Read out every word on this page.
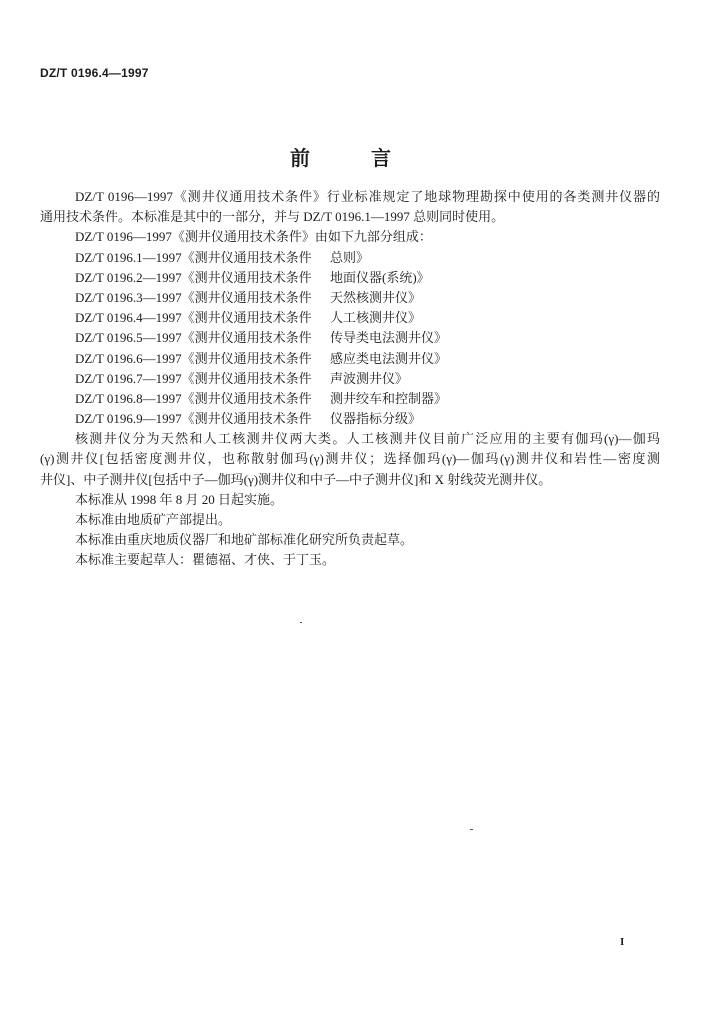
DZ/T 0196.4—1997
前 言
DZ/T 0196—1997《测井仪通用技术条件》行业标准规定了地球物理勘探中使用的各类测井仪器的
通用技术条件。本标准是其中的一部分，并与 DZ/T 0196.1—1997 总则同时使用。
DZ/T 0196—1997《测井仪通用技术条件》由如下九部分组成：
DZ/T 0196.1—1997《测井仪通用技术条件 总则》
DZ/T 0196.2—1997《测井仪通用技术条件 地面仪器(系统)》
DZ/T 0196.3—1997《测井仪通用技术条件 天然核测井仪》
DZ/T 0196.4—1997《测井仪通用技术条件 人工核测井仪》
DZ/T 0196.5—1997《测井仪通用技术条件 传导类电法测井仪》
DZ/T 0196.6—1997《测井仪通用技术条件 感应类电法测井仪》
DZ/T 0196.7—1997《测井仪通用技术条件 声波测井仪》
DZ/T 0196.8—1997《测井仪通用技术条件 测井绞车和控制器》
DZ/T 0196.9—1997《测井仪通用技术条件 仪器指标分级》
核测井仪分为天然和人工核测井仪两大类。人工核测井仪目前广泛应用的主要有伽玛(γ)—伽玛
(γ)测井仪[包括密度测井仪，也称散射伽玛(γ)测井仪；选择伽玛(γ)—伽玛(γ)测井仪和岩性—密度测
井仪]、中子测井仪[包括中子—伽玛(γ)测井仪和中子—中子测井仪]和 X 射线荧光测井仪。
本标准从 1998 年 8 月 20 日起实施。
本标准由地质矿产部提出。
本标准由重庆地质仪器厂和地矿部标准化研究所负责起草。
本标准主要起草人：瞿德福、才侠、于丁玉。
I
